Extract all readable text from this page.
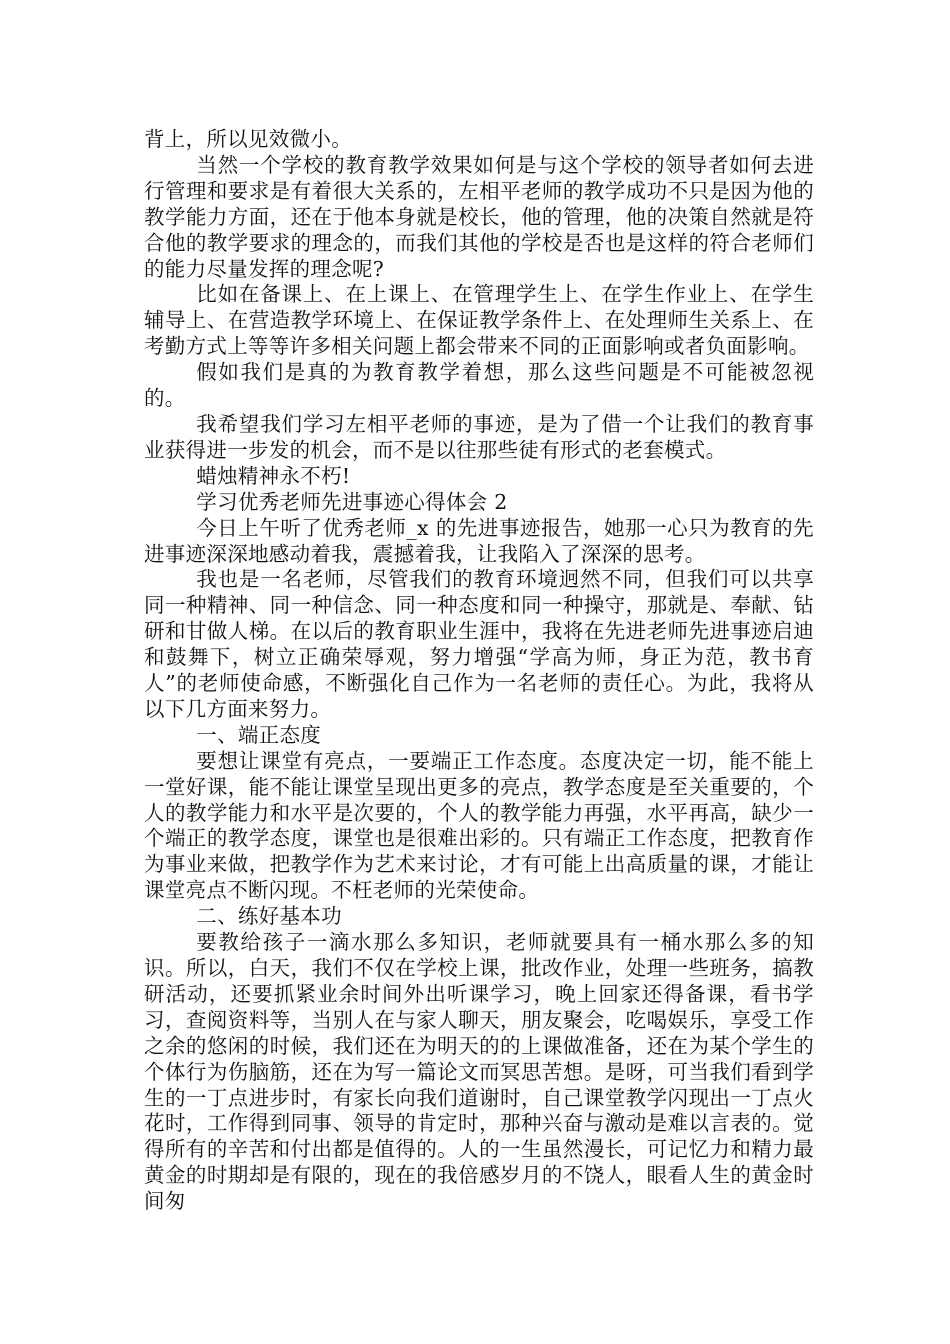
背上，所以见效微小。

当然一个学校的教育教学效果如何是与这个学校的领导者如何去进行管理和要求是有着很大关系的，左相平老师的教学成功不只是因为他的教学能力方面，还在于他本身就是校长，他的管理，他的决策自然就是符合他的教学要求的理念的，而我们其他的学校是否也是这样的符合老师们的能力尽量发挥的理念呢?

比如在备课上、在上课上、在管理学生上、在学生作业上、在学生辅导上、在营造教学环境上、在保证教学条件上、在处理师生关系上、在考勤方式上等等许多相关问题上都会带来不同的正面影响或者负面影响。

假如我们是真的为教育教学着想，那么这些问题是不可能被忽视的。

我希望我们学习左相平老师的事迹，是为了借一个让我们的教育事业获得进一步发的机会，而不是以往那些徒有形式的老套模式。

蜡烛精神永不朽!

学习优秀老师先进事迹心得体会 2

今日上午听了优秀老师_x 的先进事迹报告，她那一心只为教育的先进事迹深深地感动着我，震撼着我，让我陷入了深深的思考。

我也是一名老师，尽管我们的教育环境迥然不同，但我们可以共享同一种精神、同一种信念、同一种态度和同一种操守，那就是、奉献、钻研和甘做人梯。在以后的教育职业生涯中，我将在先进老师先进事迹启迪和鼓舞下，树立正确荣辱观，努力增强“学高为师，身正为范，教书育人”的老师使命感，不断强化自己作为一名老师的责任心。为此，我将从以下几方面来努力。

一、端正态度

要想让课堂有亮点，一要端正工作态度。态度决定一切，能不能上一堂好课，能不能让课堂呈现出更多的亮点，教学态度是至关重要的，个人的教学能力和水平是次要的，个人的教学能力再强，水平再高，缺少一个端正的教学态度，课堂也是很难出彩的。只有端正工作态度，把教育作为事业来做，把教学作为艺术来讨论，才有可能上出高质量的课，才能让课堂亮点不断闪现。不枉老师的光荣使命。

二、练好基本功

要教给孩子一滴水那么多知识，老师就要具有一桶水那么多的知识。所以，白天，我们不仅在学校上课，批改作业，处理一些班务，搞教研活动，还要抓紧业余时间外出听课学习，晚上回家还得备课，看书学习，查阅资料等，当别人在与家人聊天，朋友聚会，吃喝娱乐，享受工作之余的悠闲的时候，我们还在为明天的的上课做准备，还在为某个学生的个体行为伤脑筋，还在为写一篇论文而冥思苦想。是呀，可当我们看到学生的一丁点进步时，有家长向我们道谢时，自己课堂教学闪现出一丁点火花时，工作得到同事、领导的肯定时，那种兴奋与激动是难以言表的。觉得所有的辛苦和付出都是值得的。人的一生虽然漫长，可记忆力和精力最黄金的时期却是有限的，现在的我倍感岁月的不饶人，眼看人生的黄金时间匆
